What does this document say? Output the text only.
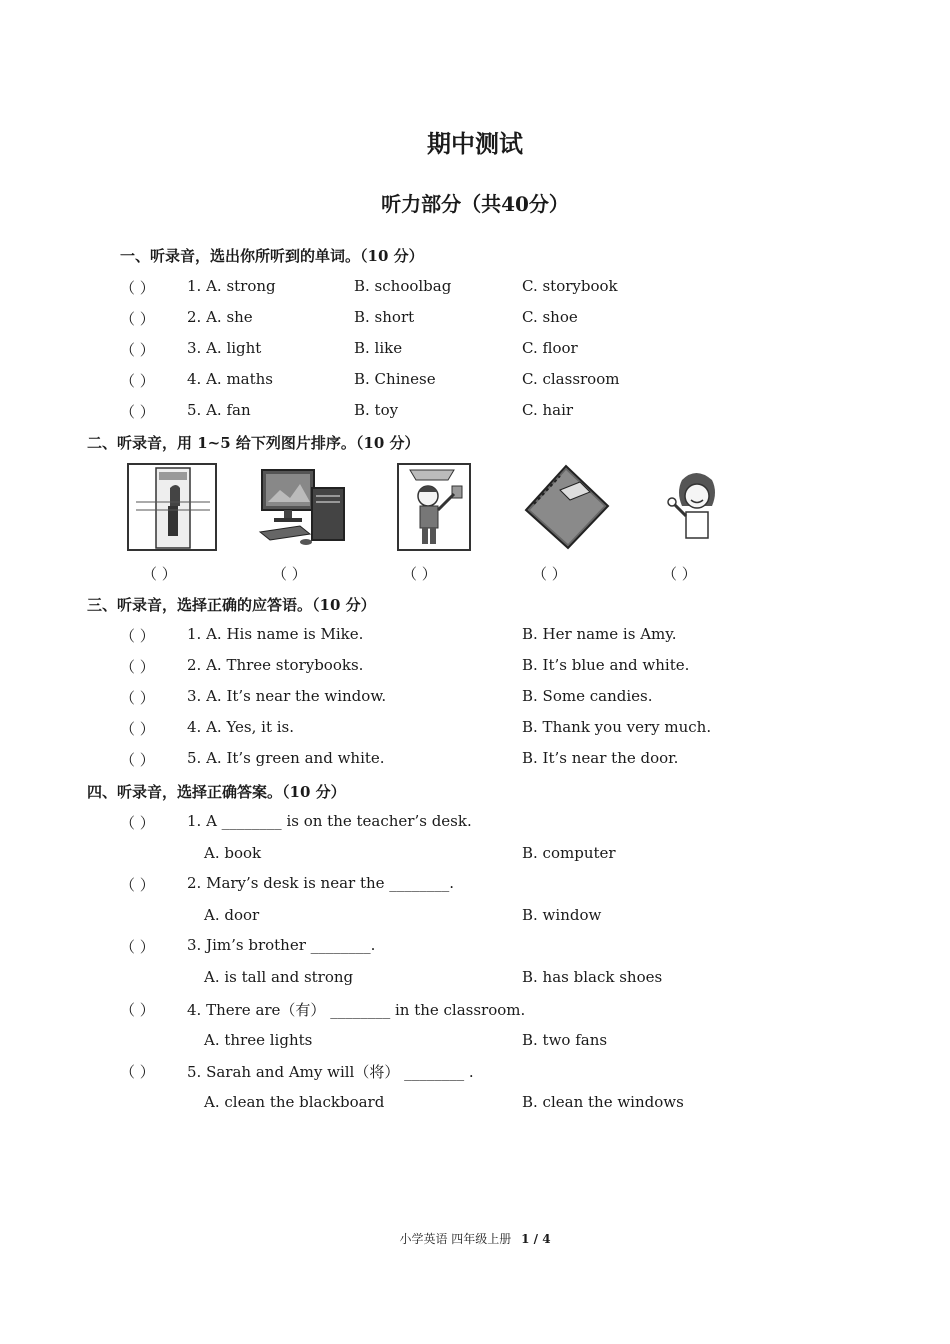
期中测试
听力部分（共40分）
一、听录音，选出你所听到的单词。（10 分）
（ ） 1. A. strong	B. schoolbag	C. storybook
（ ） 2. A. she	B. short	C. shoe
（ ） 3. A. light	B. like	C. floor
（ ） 4. A. maths	B. Chinese	C. classroom
（ ） 5. A. fan	B. toy	C. hair
二、听录音，用 1~5 给下列图片排序。（10 分）
（ ）	（ ）	（ ）	（ ）	（ ）
三、听录音，选择正确的应答语。（10 分）
（ ） 1. A. His name is Mike.	B. Her name is Amy.
（ ） 2. A. Three storybooks.	B. It’s blue and white.
（ ） 3. A. It’s near the window.	B. Some candies.
（ ） 4. A. Yes, it is.	B. Thank you very much.
（ ） 5. A. It’s green and white.	B. It’s near the door.
四、听录音，选择正确答案。（10 分）
（ ） 1. A ________ is on the teacher’s desk.
A. book	B. computer
（ ） 2. Mary’s desk is near the ________.
A. door	B. window
（ ） 3. Jim’s brother ________.
A. is tall and strong	B. has black shoes
（ ） 4. There are（有） ________ in the classroom.
A. three lights	B. two fans
（ ） 5. Sarah and Amy will（将） ________ .
A. clean the blackboard	B. clean the windows
小学英语 四年级上册 1 / 4
